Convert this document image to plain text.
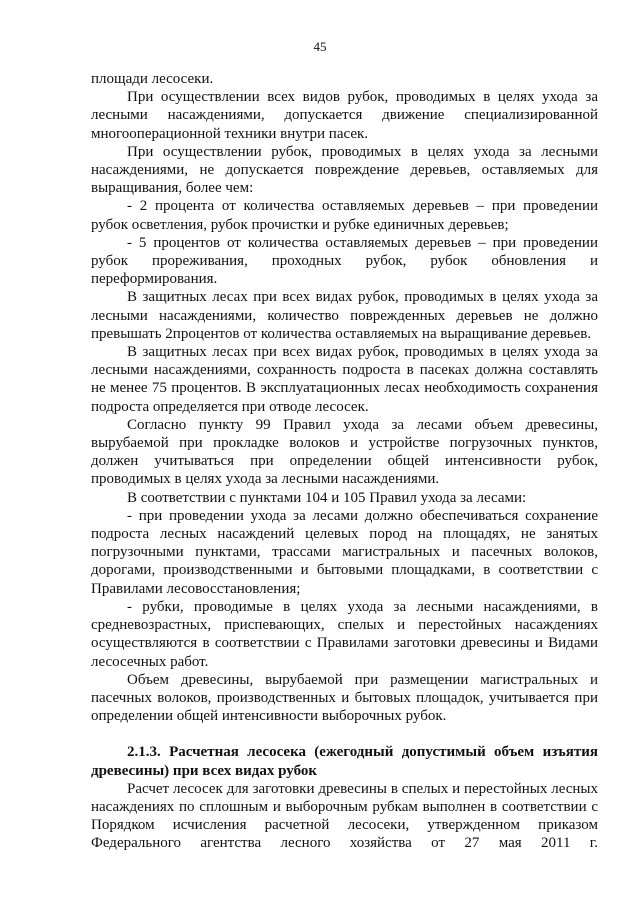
45

площади лесосеки.

При осуществлении всех видов рубок, проводимых в целях ухода за лесными насаждениями, допускается движение специализированной многооперационной техники внутри пасек.

При осуществлении рубок, проводимых в целях ухода за лесными насаждениями, не допускается повреждение деревьев, оставляемых для выращивания, более чем:

- 2 процента от количества оставляемых деревьев – при проведении рубок осветления, рубок прочистки и рубке единичных деревьев;

- 5 процентов от количества оставляемых деревьев – при проведении рубок прореживания, проходных рубок, рубок обновления и переформирования.

В защитных лесах при всех видах рубок, проводимых в целях ухода за лесными насаждениями, количество поврежденных деревьев не должно превышать 2процентов от количества оставляемых на выращивание деревьев.

В защитных лесах при всех видах рубок, проводимых в целях ухода за лесными насаждениями, сохранность подроста в пасеках должна составлять не менее 75 процентов. В эксплуатационных лесах необходимость сохранения подроста определяется при отводе лесосек.

Согласно пункту 99 Правил ухода за лесами объем древесины, вырубаемой при прокладке волоков и устройстве погрузочных пунктов, должен учитываться при определении общей интенсивности рубок, проводимых в целях ухода за лесными насаждениями.

В соответствии с пунктами 104 и 105 Правил ухода за лесами:

- при проведении ухода за лесами должно обеспечиваться сохранение подроста лесных насаждений целевых пород на площадях, не занятых погрузочными пунктами, трассами магистральных и пасечных волоков, дорогами, производственными и бытовыми площадками, в соответствии с Правилами лесовосстановления;

- рубки, проводимые в целях ухода за лесными насаждениями, в средневозрастных, приспевающих, спелых и перестойных насаждениях осуществляются в соответствии с Правилами заготовки древесины и Видами лесосечных работ.

Объем древесины, вырубаемой при размещении магистральных и пасечных волоков, производственных и бытовых площадок, учитывается при определении общей интенсивности выборочных рубок.

2.1.3. Расчетная лесосека (ежегодный допустимый объем изъятия древесины) при всех видах рубок

Расчет лесосек для заготовки древесины в спелых и перестойных лесных насаждениях по сплошным и выборочным рубкам выполнен в соответствии с Порядком исчисления расчетной лесосеки, утвержденном приказом Федерального агентства лесного хозяйства от 27 мая 2011 г.
